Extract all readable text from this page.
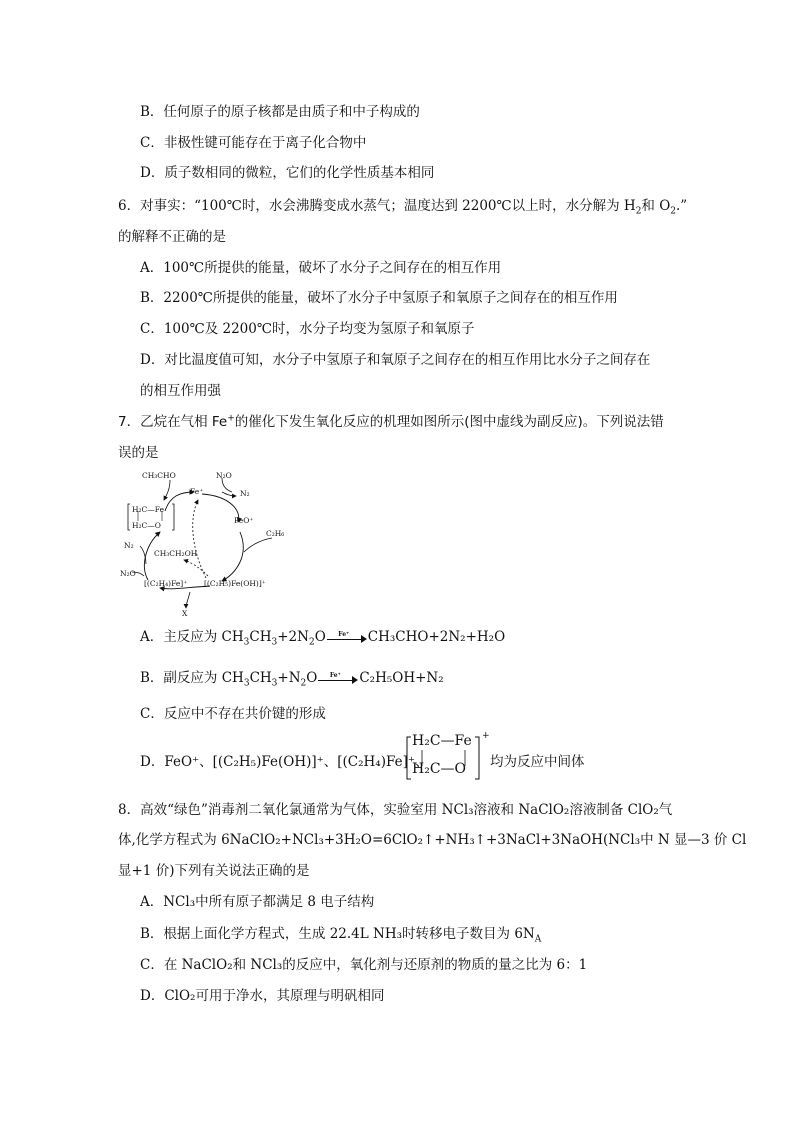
B．任何原子的原子核都是由质子和中子构成的
C．非极性键可能存在于离子化合物中
D．质子数相同的微粒，它们的化学性质基本相同
6．对事实：“100℃时，水会沸腾变成水蒸气；温度达到 2200℃以上时，水分解为 $H_2$和 $O_2$.”
的解释不正确的是
A．100℃所提供的能量，破坏了水分子之间存在的相互作用
B．2200℃所提供的能量，破坏了水分子中氢原子和氧原子之间存在的相互作用
C．100℃及 2200℃时，水分子均变为氢原子和氧原子
D．对比温度值可知，水分子中氢原子和氧原子之间存在的相互作用比水分子之间存在
的相互作用强
7．乙烷在气相 Fe+的催化下发生氧化反应的机理如图所示(图中虚线为副反应)。下列说法错
误的是
CH₃CHO
Fe⁺
N₂O
N₂
FeO⁺
C₂H₆
H₂C—Fe
H₂C—O
N₂
CH₃CH₂OH
N₂O
[(C₂H₄)Fe]⁺ [(C₂H₅)Fe(OH)]⁺
X
A．主反应为 $CH_3CH_3+2N_2O$	Fe⁺	CH₃CHO+2N₂+H₂O
B．副反应为 $CH_3CH_3+N_2O$	Fe⁺	C₂H₅OH+N₂
C．反应中不存在共价键的形成
D．FeO⁺、[(C₂H₅)Fe(OH)]⁺、[(C₂H₄)Fe]⁺、
H₂C—Fe
H₂C—O
+
均为反应中间体
8．高效“绿色”消毒剂二氧化氯通常为气体，实验室用 NCl₃溶液和 NaClO₂溶液制备 ClO₂气
体,化学方程式为 6NaClO₂+NCl₃+3H₂O=6ClO₂↑+NH₃↑+3NaCl+3NaOH(NCl₃中 N 显—3 价 Cl
显+1 价)下列有关说法正确的是
A．NCl₃中所有原子都满足 8 电子结构
B．根据上面化学方程式，生成 22.4L NH₃时转移电子数目为 $6N_A$
C．在 NaClO₂和 NCl₃的反应中，氧化剂与还原剂的物质的量之比为 6：1
D．ClO₂可用于净水，其原理与明矾相同
